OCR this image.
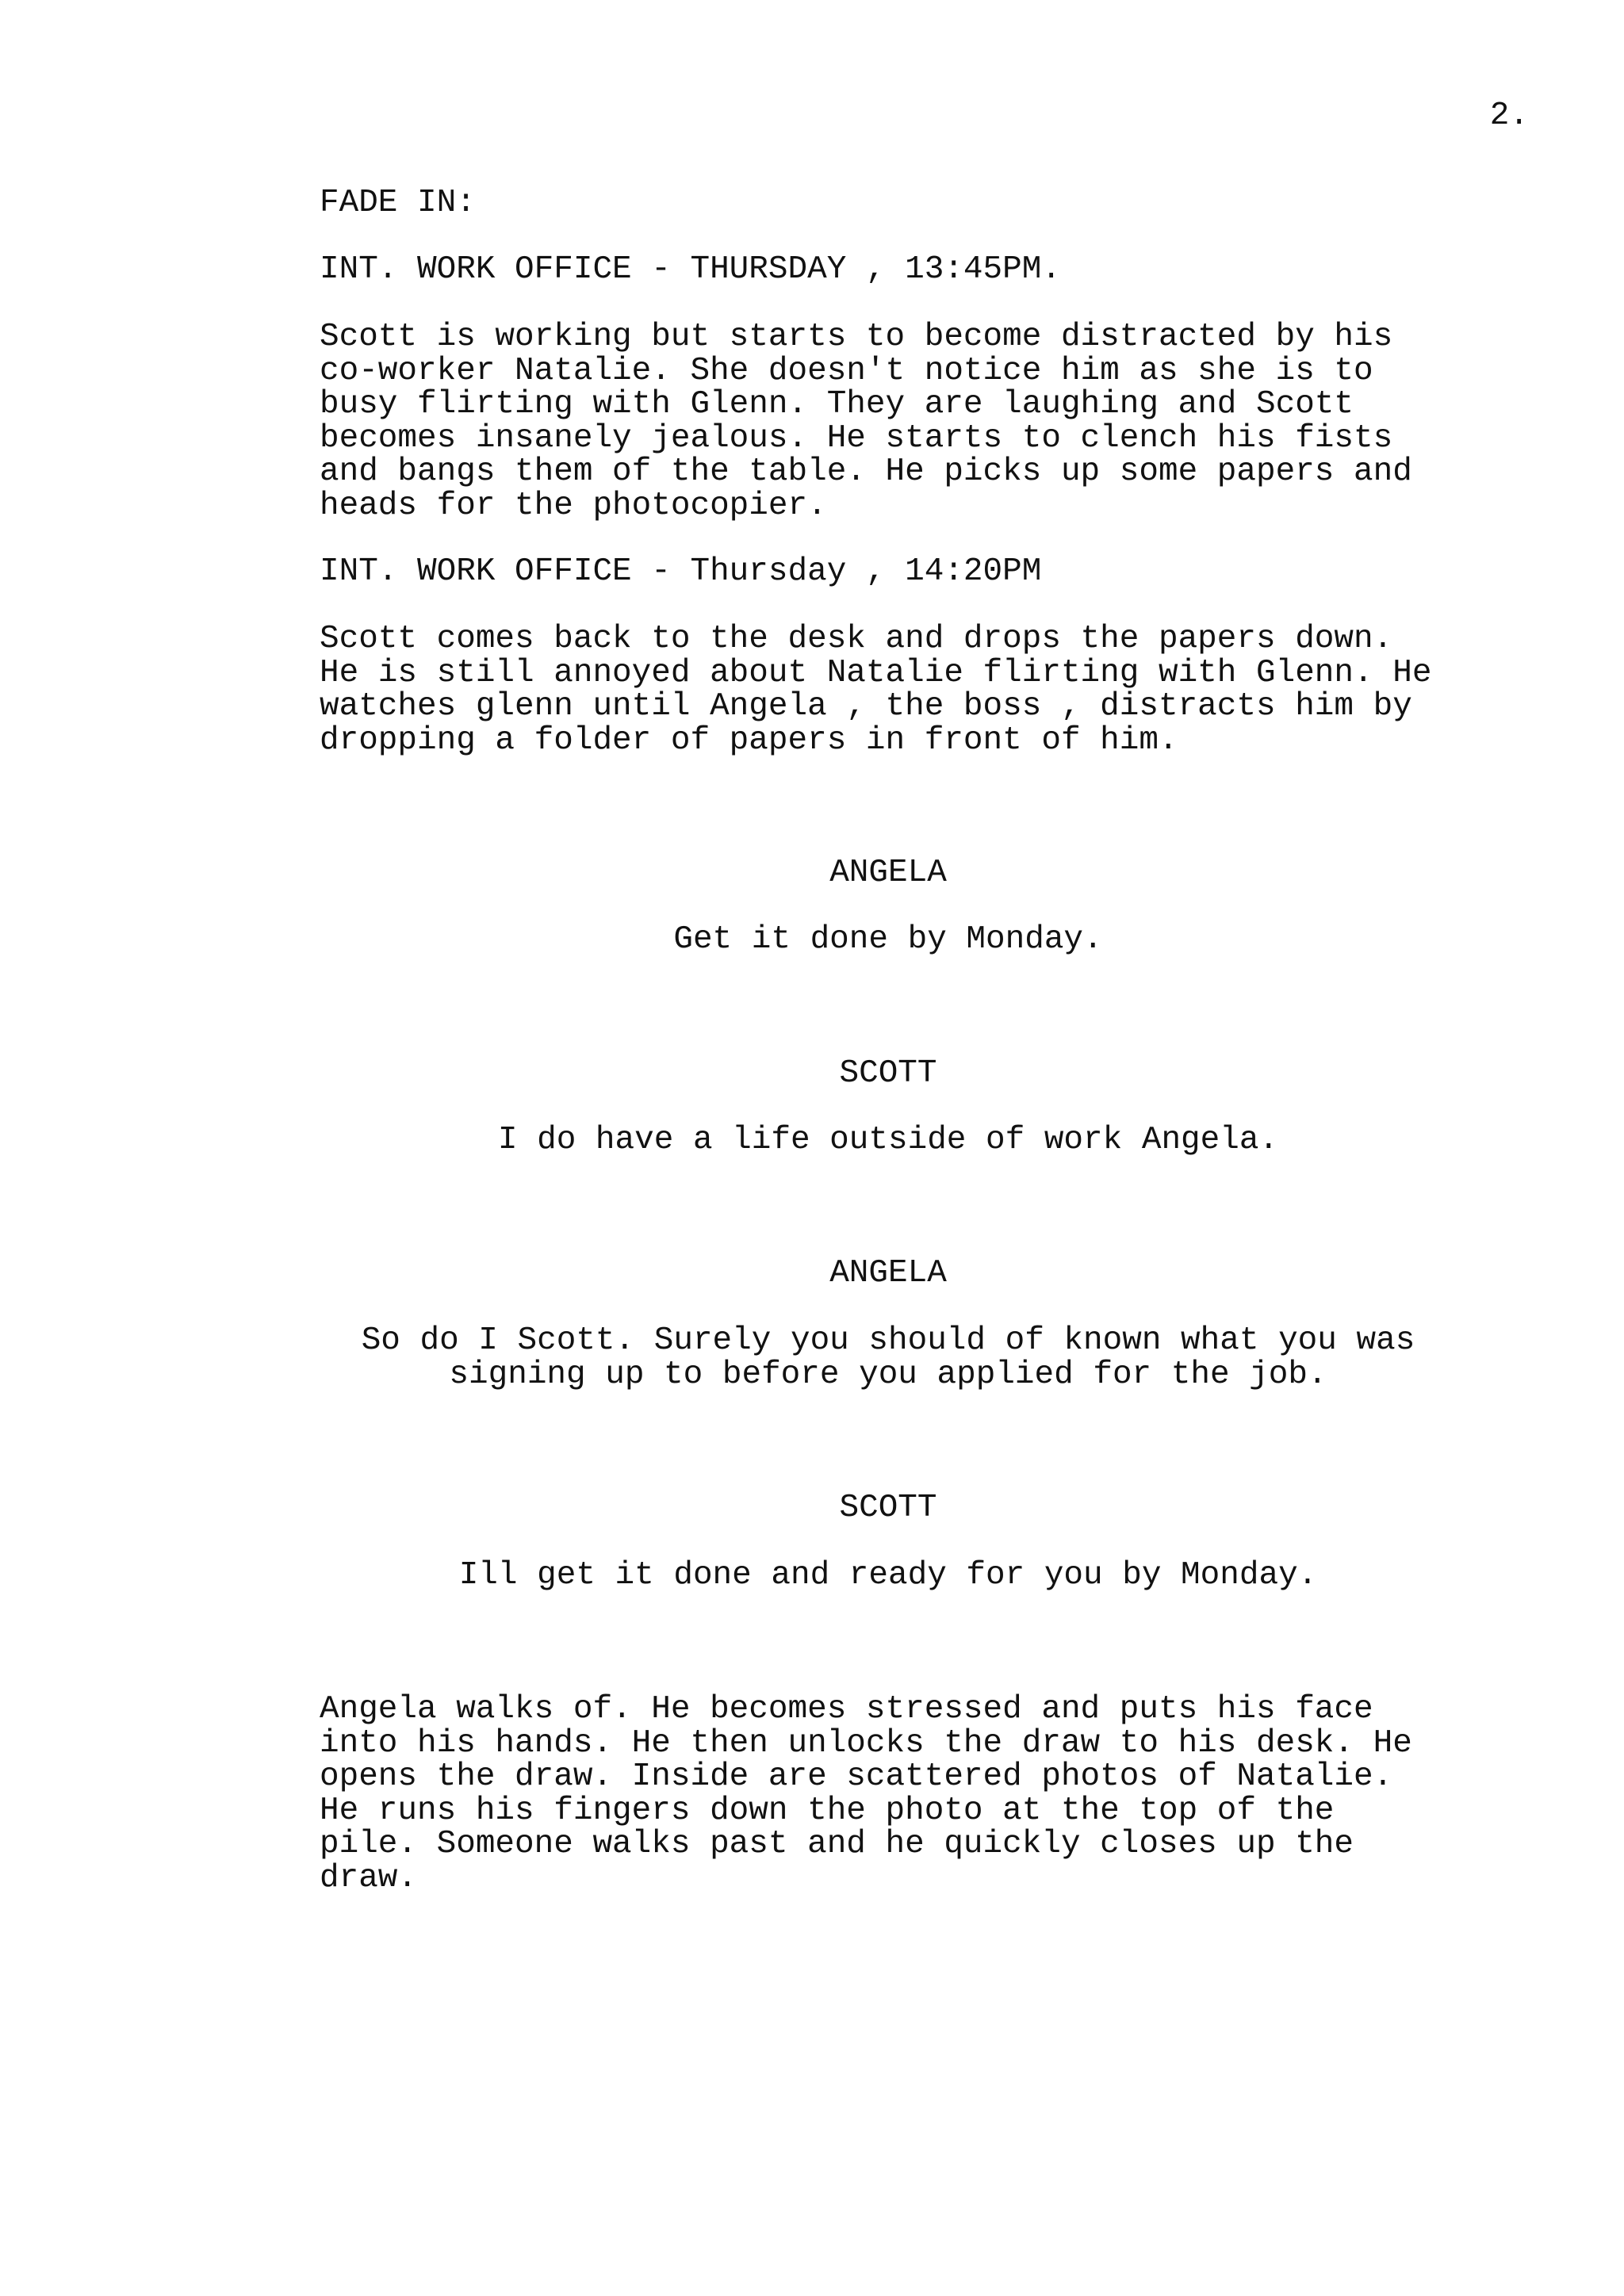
2.
FADE IN:
INT. WORK OFFICE - THURSDAY , 13:45PM.
Scott is working but starts to become distracted by his
co-worker Natalie. She doesn't notice him as she is to
busy flirting with Glenn. They are laughing and Scott
becomes insanely jealous. He starts to clench his fists
and bangs them of the table. He picks up some papers and
heads for the photocopier.
INT. WORK OFFICE - Thursday , 14:20PM
Scott comes back to the desk and drops the papers down.
He is still annoyed about Natalie flirting with Glenn. He
watches glenn until Angela , the boss , distracts him by
dropping a folder of papers in front of him.
ANGELA
Get it done by Monday.
SCOTT
I do have a life outside of work Angela.
ANGELA
So do I Scott. Surely you should of known what you was
signing up to before you applied for the job.
SCOTT
Ill get it done and ready for you by Monday.
Angela walks of. He becomes stressed and puts his face
into his hands. He then unlocks the draw to his desk. He
opens the draw. Inside are scattered photos of Natalie.
He runs his fingers down the photo at the top of the
pile. Someone walks past and he quickly closes up the
draw.
